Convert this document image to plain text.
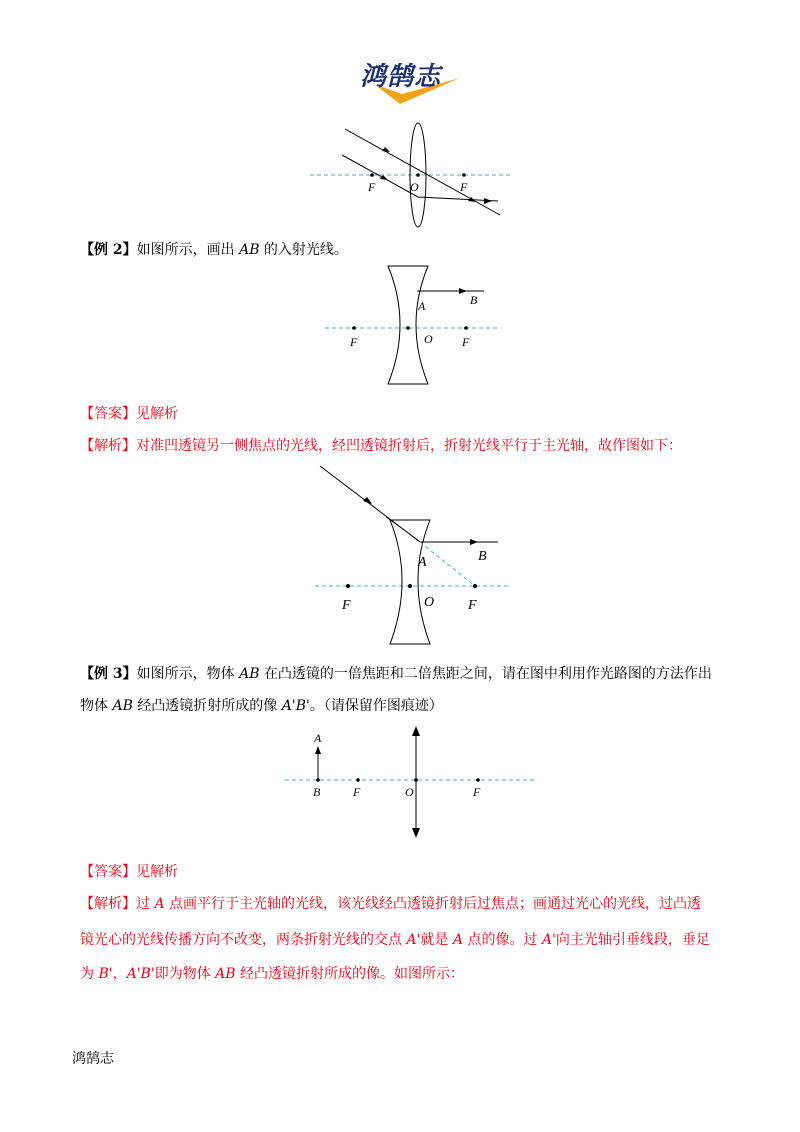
鸿鹄志
F	O	F
【例 2】如图所示，画出 AB 的入射光线。
A	B
F	O F
【答案】见解析
【解析】对准凹透镜另一侧焦点的光线，经凹透镜折射后，折射光线平行于主光轴，故作图如下：
A	B
F	O F
【例 3】如图所示，物体 AB 在凸透镜的一倍焦距和二倍焦距之间，请在图中利用作光路图的方法作出
物体 AB 经凸透镜折射所成的像 A'B'。（请保留作图痕迹）
A
B	F	O	F
【答案】见解析
【解析】过 A 点画平行于主光轴的光线，该光线经凸透镜折射后过焦点；画通过光心的光线，过凸透
镜光心的光线传播方向不改变，两条折射光线的交点 A'就是 A 点的像。过 A'向主光轴引垂线段，垂足
为 B'，A'B'即为物体 AB 经凸透镜折射所成的像。如图所示：
鸿鹄志
